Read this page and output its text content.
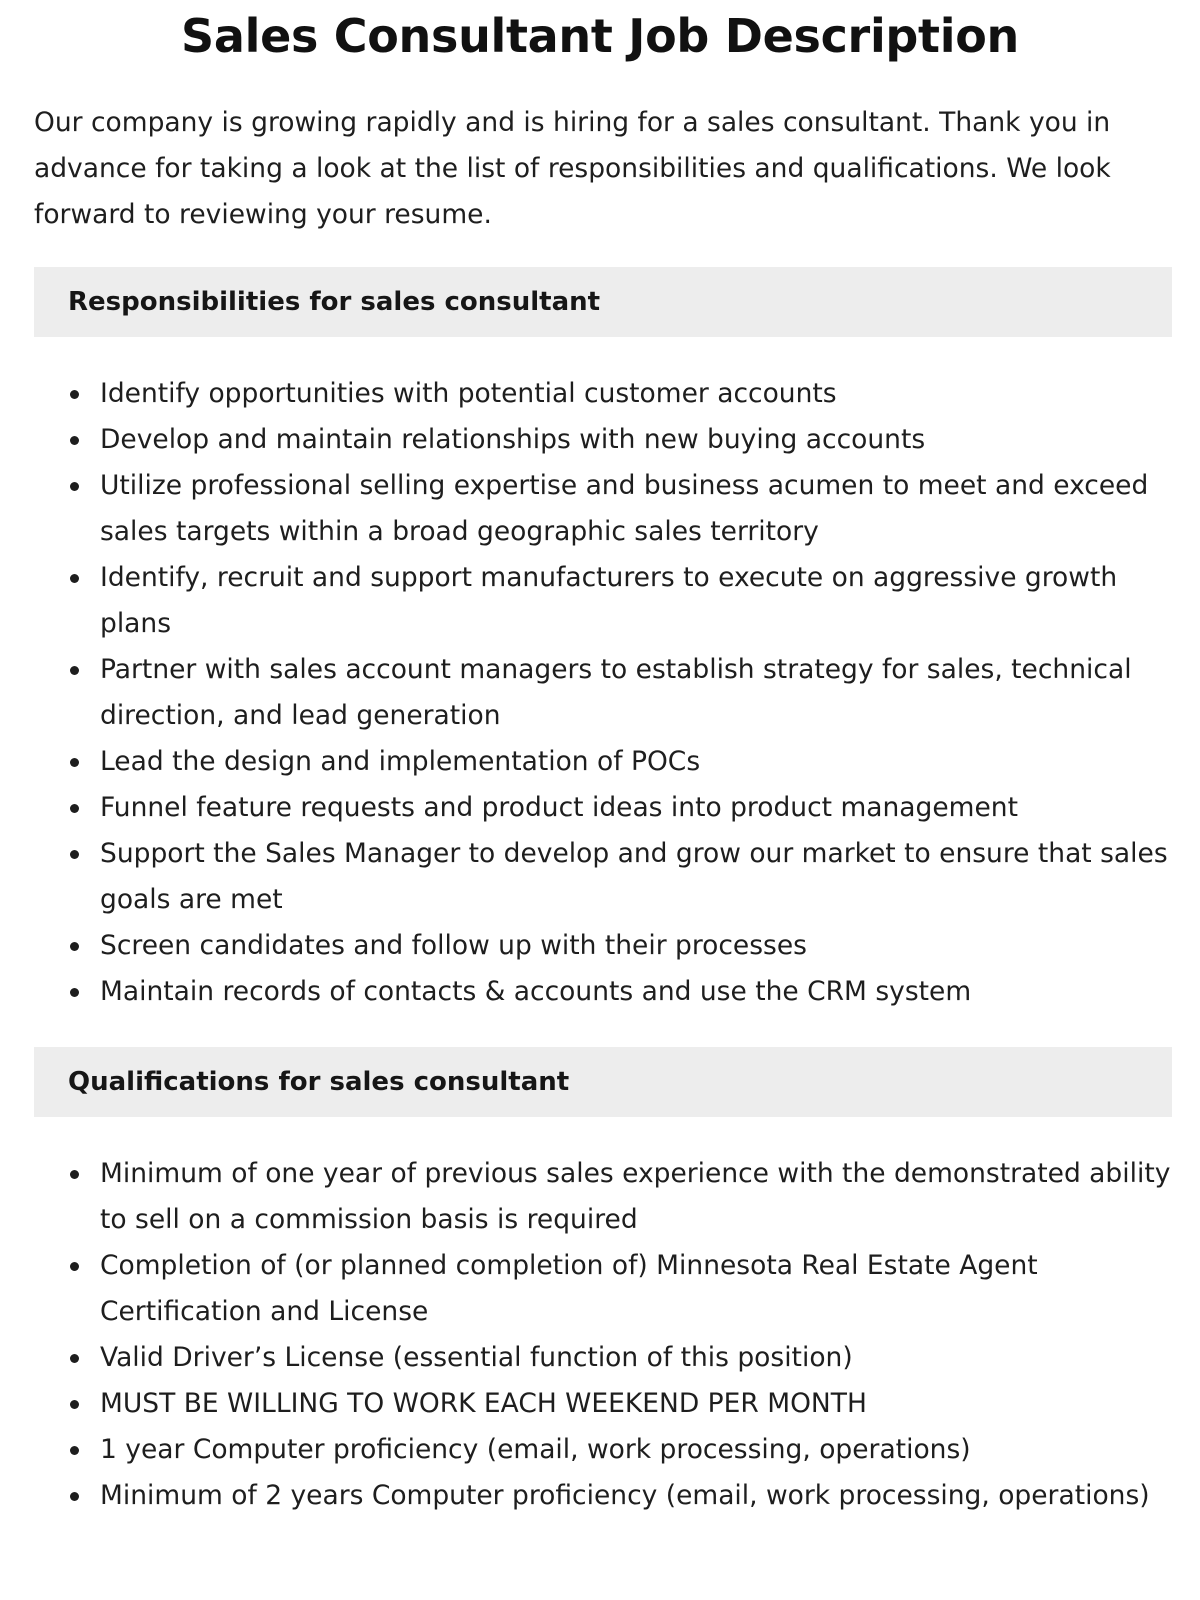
Sales Consultant Job Description

Our company is growing rapidly and is hiring for a sales consultant. Thank you in advance for taking a look at the list of responsibilities and qualifications. We look forward to reviewing your resume.

Responsibilities for sales consultant
Identify opportunities with potential customer accounts
Develop and maintain relationships with new buying accounts
Utilize professional selling expertise and business acumen to meet and exceed sales targets within a broad geographic sales territory
Identify, recruit and support manufacturers to execute on aggressive growth plans
Partner with sales account managers to establish strategy for sales, technical direction, and lead generation
Lead the design and implementation of POCs
Funnel feature requests and product ideas into product management
Support the Sales Manager to develop and grow our market to ensure that sales goals are met
Screen candidates and follow up with their processes
Maintain records of contacts & accounts and use the CRM system
Qualifications for sales consultant
Minimum of one year of previous sales experience with the demonstrated ability to sell on a commission basis is required
Completion of (or planned completion of) Minnesota Real Estate Agent Certification and License
Valid Driver’s License (essential function of this position)
MUST BE WILLING TO WORK EACH WEEKEND PER MONTH
1 year Computer proficiency (email, work processing, operations)
Minimum of 2 years Computer proficiency (email, work processing, operations)
